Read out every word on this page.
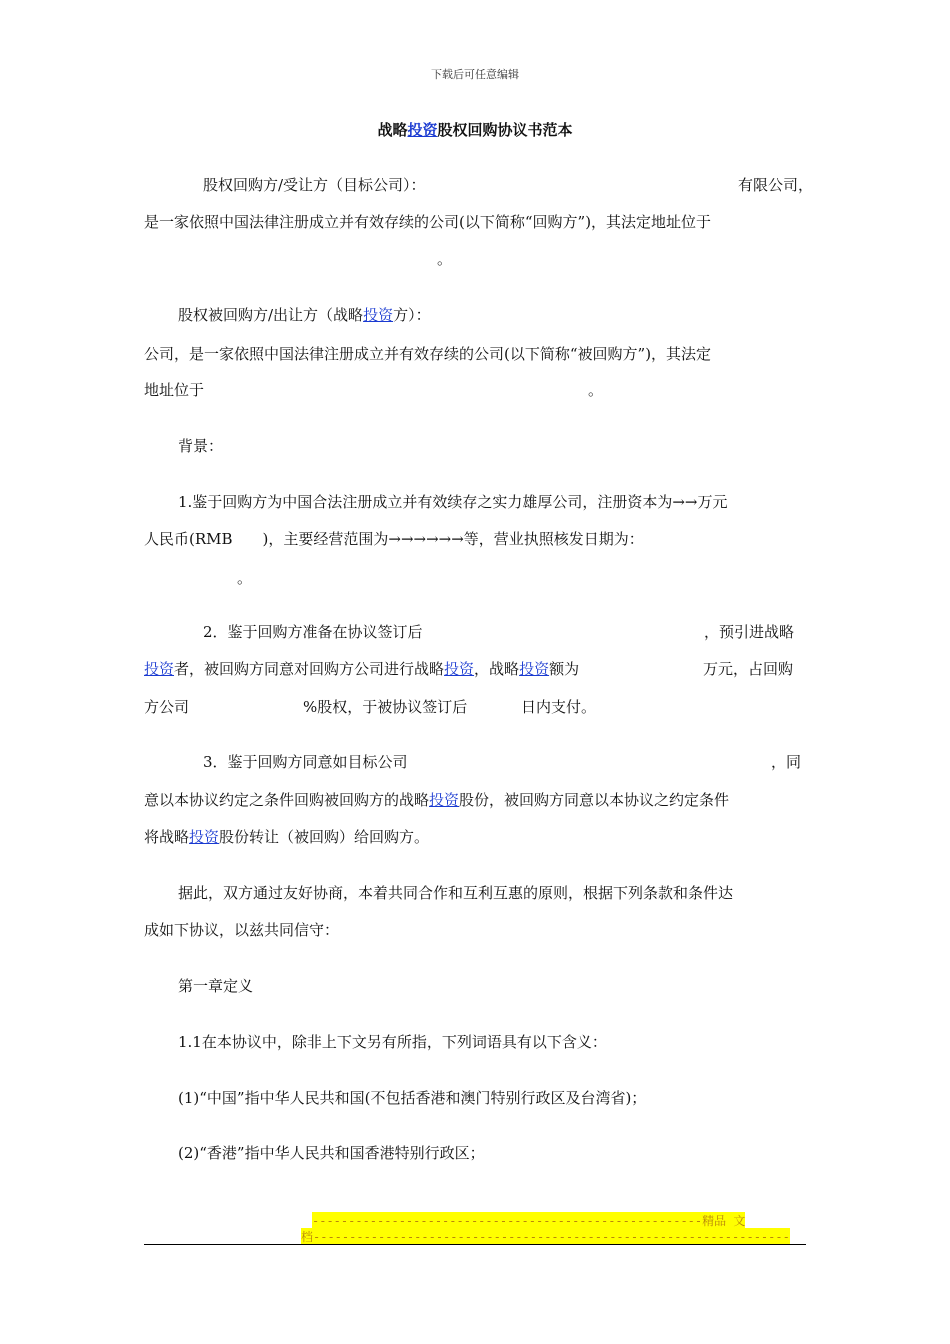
下载后可任意编辑
战略投资股权回购协议书范本
股权回购方/受让方（目标公司）：	有限公司，
是一家依照中国法律注册成立并有效存续的公司(以下简称“回购方”)，其法定地址位于
。
股权被回购方/出让方（战略投资方）：
公司，是一家依照中国法律注册成立并有效存续的公司(以下简称“被回购方”)，其法定
地址位于	。
背景：
1.鉴于回购方为中国合法注册成立并有效续存之实力雄厚公司，注册资本为→→万元
人民币(RMB　　)，主要经营范围为→→→→→→等，营业执照核发日期为：
。
2．鉴于回购方准备在协议签订后	，预引进战略
投资者，被回购方同意对回购方公司进行战略投资，战略投资额为	万元，占回购
方公司	%股权，于被协议签订后	日内支付。
3．鉴于回购方同意如目标公司	，同
意以本协议约定之条件回购被回购方的战略投资股份，被回购方同意以本协议之约定条件
将战略投资股份转让（被回购）给回购方。
据此，双方通过友好协商，本着共同合作和互利互惠的原则，根据下列条款和条件达
成如下协议，以兹共同信守：
第一章定义
1.1在本协议中，除非上下文另有所指，下列词语具有以下含义：
(1)“中国”指中华人民共和国(不包括香港和澳门特别行政区及台湾省)；
(2)“香港”指中华人民共和国香港特别行政区；
------------------------------------------------------精品 文
档------------------------------------------------------------------
